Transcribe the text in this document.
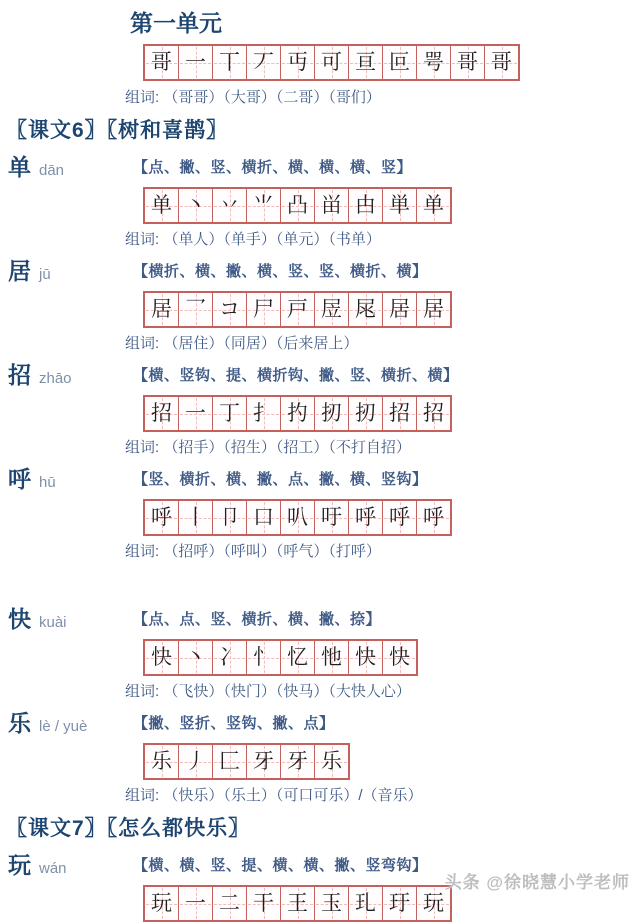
第一单元
哥 一 丅 丆 丏 可 亘 叵 咢 哥 哥
组词: （哥哥）（大哥）（二哥）（哥们）
〖课文6〗〖树和喜鹊〗
单 dān	【点、撇、竖、横折、横、横、横、竖】
单 丶 丷 ⺌ 凸 畄 甴 単 单
组词: （单人）（单手）（单元）（书单）
居 jū	【横折、横、撇、横、竖、竖、横折、横】
居 乛 コ 尸 戸 㞐 㞑 居 居
组词: （居住）（同居）（后来居上）
招 zhāo	【横、竖钩、提、横折钩、撇、竖、横折、横】
招 一 丁 扌 扚 扨 扨 招 招
组词: （招手）（招生）（招工）（不打自招）
呼 hū	【竖、横折、横、撇、点、撇、横、竖钩】
呼 丨 卩 口 叭 吁 呼 呼 呼
组词: （招呼）（呼叫）（呼气）（打呼）
快 kuài	【点、点、竖、横折、横、撇、捺】
快 丶 冫 忄 忆 忚 快 快
组词: （飞快）（快门）（快马）（大快人心）
乐 lè / yuè	【撇、竖折、竖钩、撇、点】
乐 丿 匚 牙 牙 乐
组词: （快乐）（乐土）（可口可乐）/（音乐）
〖课文7〗〖怎么都快乐〗
玩 wán	【横、横、竖、提、横、横、撇、竖弯钩】
玩 一 二 干 王 玉 玌 玗 玩
头条 @徐晓慧小学老师
